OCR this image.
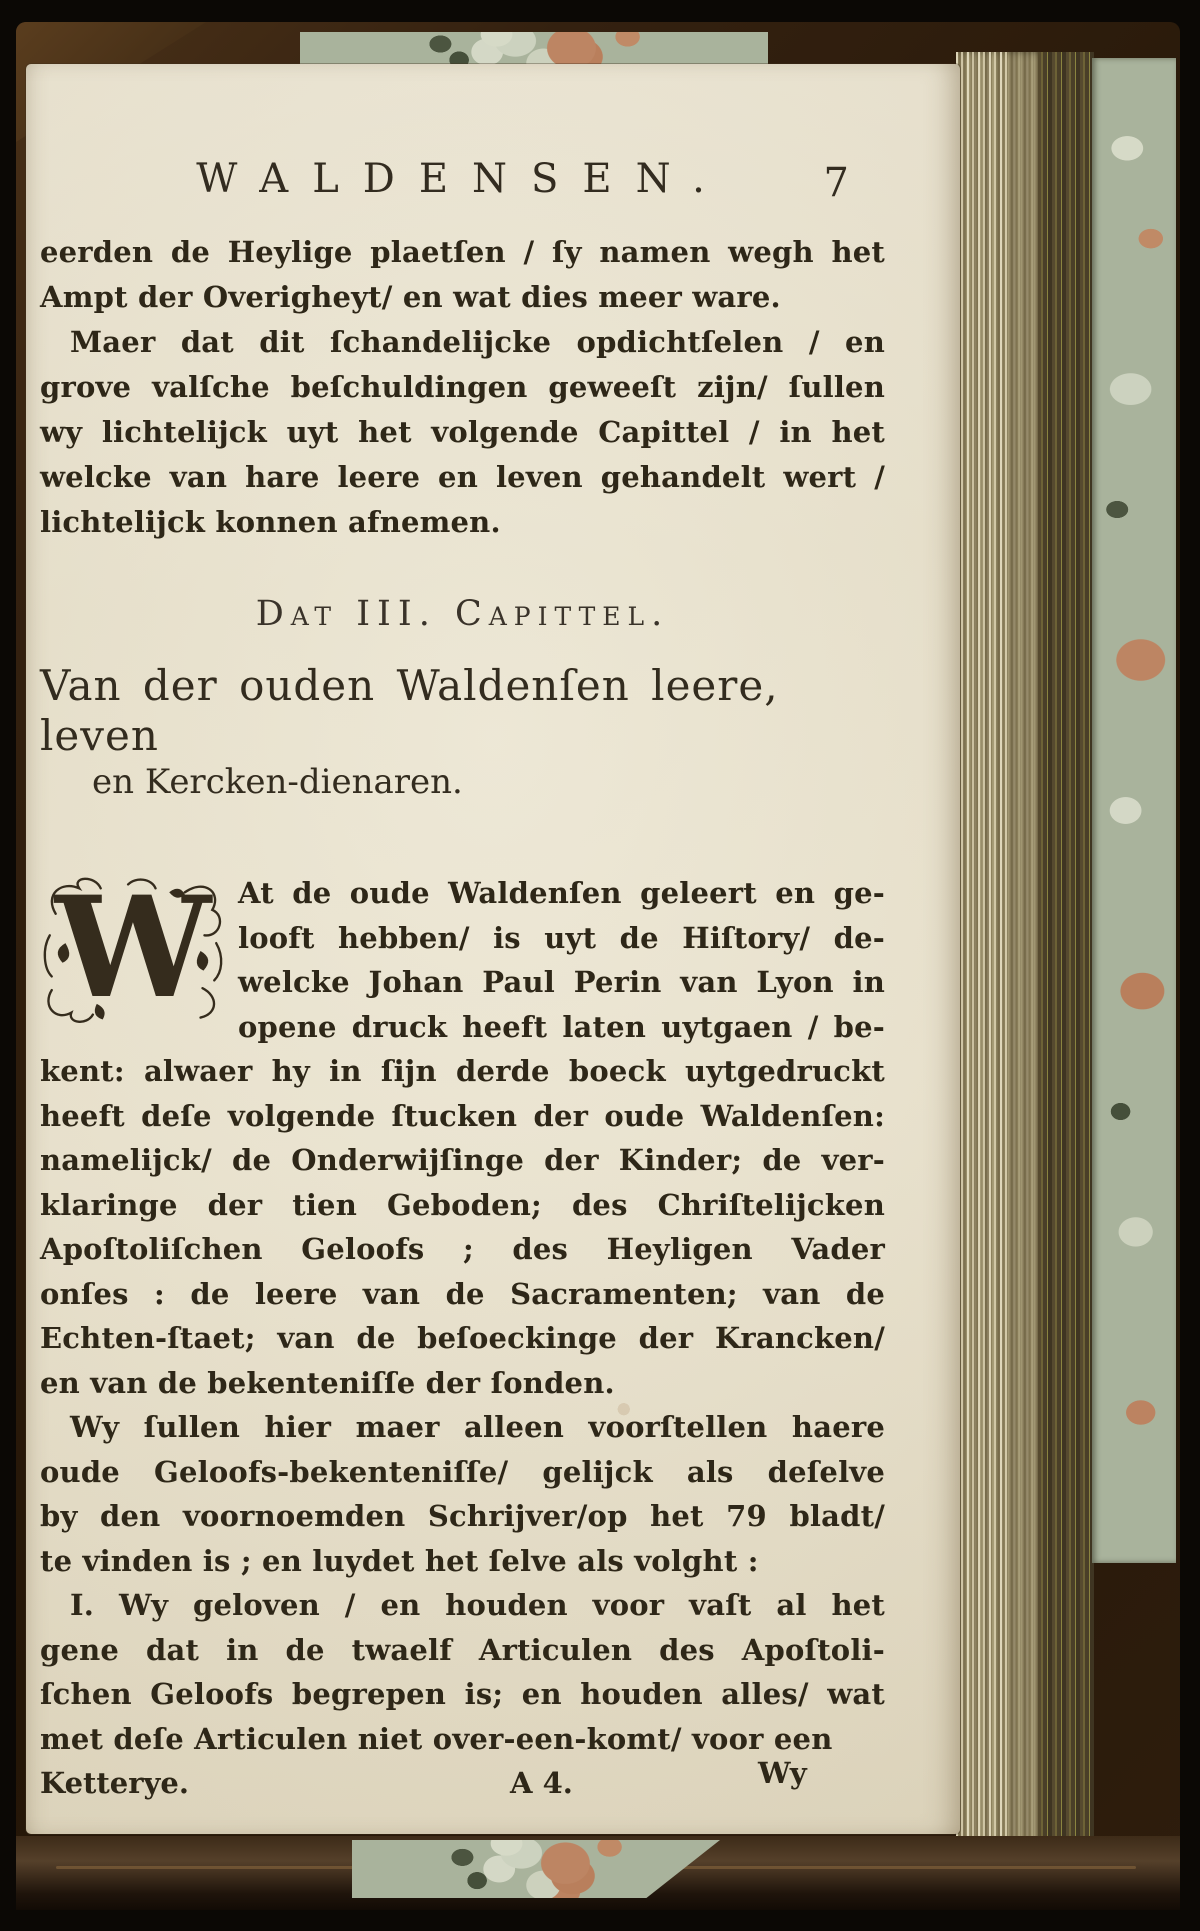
WALDENSEN.	7
eerden de Heylige plaetſen / ſy namen wegh het
Ampt der Overigheyt/ en wat dies meer ware.
Maer dat dit ſchandelijcke opdichtſelen / en
grove valſche beſchuldingen geweeſt zijn/ ſullen
wy lichtelijck uyt het volgende Capittel / in het
welcke van hare leere en leven gehandelt wert /
lichtelijck konnen afnemen.
Dat III. Capittel.
Van der ouden Waldenſen leere, leven
en Kercken-dienaren.
W At de oude Waldenſen geleert en ge-
looft hebben/ is uyt de Hiſtory/ de-
welcke Johan Paul Perin van Lyon in
opene druck heeft laten uytgaen / be-
kent: alwaer hy in ſijn derde boeck uytgedruckt
heeft deſe volgende ſtucken der oude Waldenſen:
namelijck/ de Onderwijſinge der Kinder; de ver-
klaringe der tien Geboden; des Chriſtelijcken
Apoſtoliſchen Geloofs ; des Heyligen Vader
onſes : de leere van de Sacramenten; van de
Echten-ſtaet; van de beſoeckinge der Krancken/
en van de bekenteniſſe der ſonden.
Wy ſullen hier maer alleen voorſtellen haere
oude Geloofs-bekenteniſſe/ gelijck als deſelve
by den voornoemden Schrijver/op het 79 bladt/
te vinden is ; en luydet het ſelve als volght :
I. Wy geloven / en houden voor vaſt al het
gene dat in de twaelf Articulen des Apoſtoli-
ſchen Geloofs begrepen is; en houden alles/ wat
met deſe Articulen niet over-een-komt/ voor een
Ketterye.	A 4.	Wy
